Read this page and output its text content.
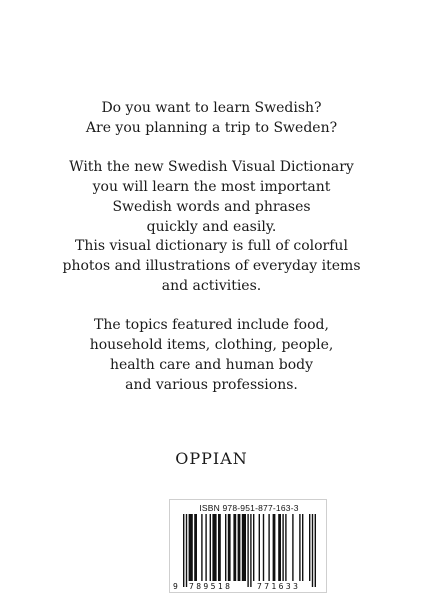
Do you want to learn Swedish?
Are you planning a trip to Sweden?
With the new Swedish Visual Dictionary
you will learn the most important
Swedish words and phrases
quickly and easily.
This visual dictionary is full of colorful
photos and illustrations of everyday items
and activities.
The topics featured include food,
household items, clothing, people,
health care and human body
and various professions.
OPPIAN
ISBN 978-951-877-163-3
9 789518	771633
